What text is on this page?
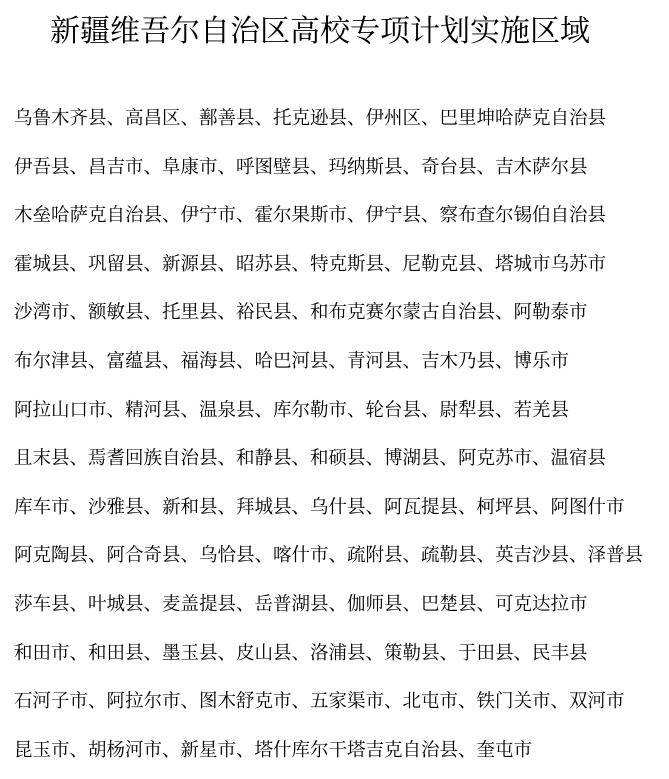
新疆维吾尔自治区高校专项计划实施区域
乌鲁木齐县、高昌区、鄯善县、托克逊县、伊州区、巴里坤哈萨克自治县
伊吾县、昌吉市、阜康市、呼图壁县、玛纳斯县、奇台县、吉木萨尔县
木垒哈萨克自治县、伊宁市、霍尔果斯市、伊宁县、察布查尔锡伯自治县
霍城县、巩留县、新源县、昭苏县、特克斯县、尼勒克县、塔城市乌苏市
沙湾市、额敏县、托里县、裕民县、和布克赛尔蒙古自治县、阿勒泰市
布尔津县、富蕴县、福海县、哈巴河县、青河县、吉木乃县、博乐市
阿拉山口市、精河县、温泉县、库尔勒市、轮台县、尉犁县、若羌县
且末县、焉耆回族自治县、和静县、和硕县、博湖县、阿克苏市、温宿县
库车市、沙雅县、新和县、拜城县、乌什县、阿瓦提县、柯坪县、阿图什市
阿克陶县、阿合奇县、乌恰县、喀什市、疏附县、疏勒县、英吉沙县、泽普县
莎车县、叶城县、麦盖提县、岳普湖县、伽师县、巴楚县、可克达拉市
和田市、和田县、墨玉县、皮山县、洛浦县、策勒县、于田县、民丰县
石河子市、阿拉尔市、图木舒克市、五家渠市、北屯市、铁门关市、双河市
昆玉市、胡杨河市、新星市、塔什库尔干塔吉克自治县、奎屯市
